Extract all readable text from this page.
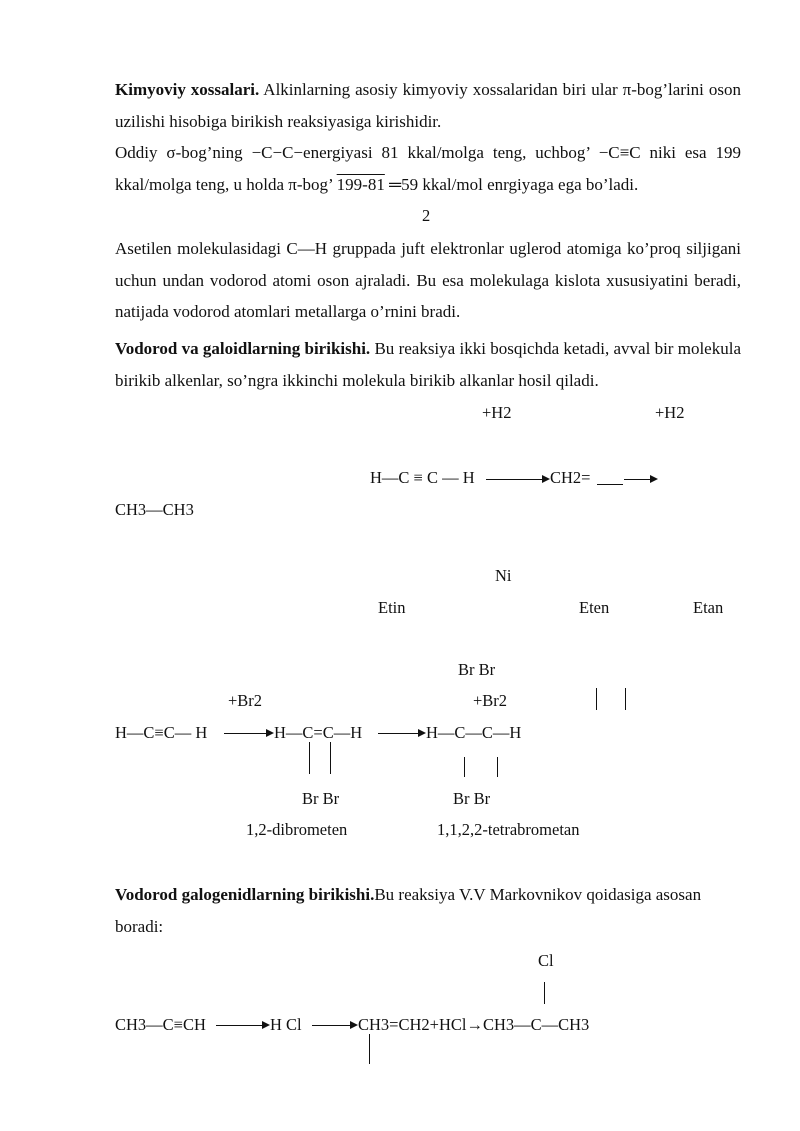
Kimyoviy xossalari. Alkinlarning asosiy kimyoviy xossalaridan biri ular π-bog’larini oson uzilishi hisobiga birikish reaksiyasiga kirishidir.

Oddiy σ-bog’ning −C−C−energiyasi 81 kkal/molga teng, uchbog’ −C≡C niki esa 199 kkal/molga teng, u holda π-bog’ 199-81 ═59 kkal/mol enrgiyaga ega bo’ladi.

2

Asetilen molekulasidagi C—H gruppada juft elektronlar uglerod atomiga ko’proq siljigani uchun undan vodorod atomi oson ajraladi. Bu esa molekulaga kislota xususiyatini beradi, natijada vodorod atomlari metallarga o’rnini bradi.

Vodorod va galoidlarning birikishi. Bu reaksiya ikki bosqichda ketadi, avval bir molekula birikib alkenlar, so’ngra ikkinchi molekula birikib alkanlar hosil qiladi.

+H2	+H2
H—C ≡ C — H → CH2=
CH3—CH3
Ni
Etin	Eten	Etan
Br Br
+Br2	+Br2
H—C≡C— H → H—C=C—H → H—C—C—H
Br Br	Br Br
1,2-dibrometen	1,1,2,2-tetrabrometan

Vodorod galogenidlarning birikishi.Bu reaksiya V.V Markovnikov qoidasiga asosan boradi:

Cl
CH3—C≡CH → H Cl → CH3=CH2+HCl→CH3—C—CH3
